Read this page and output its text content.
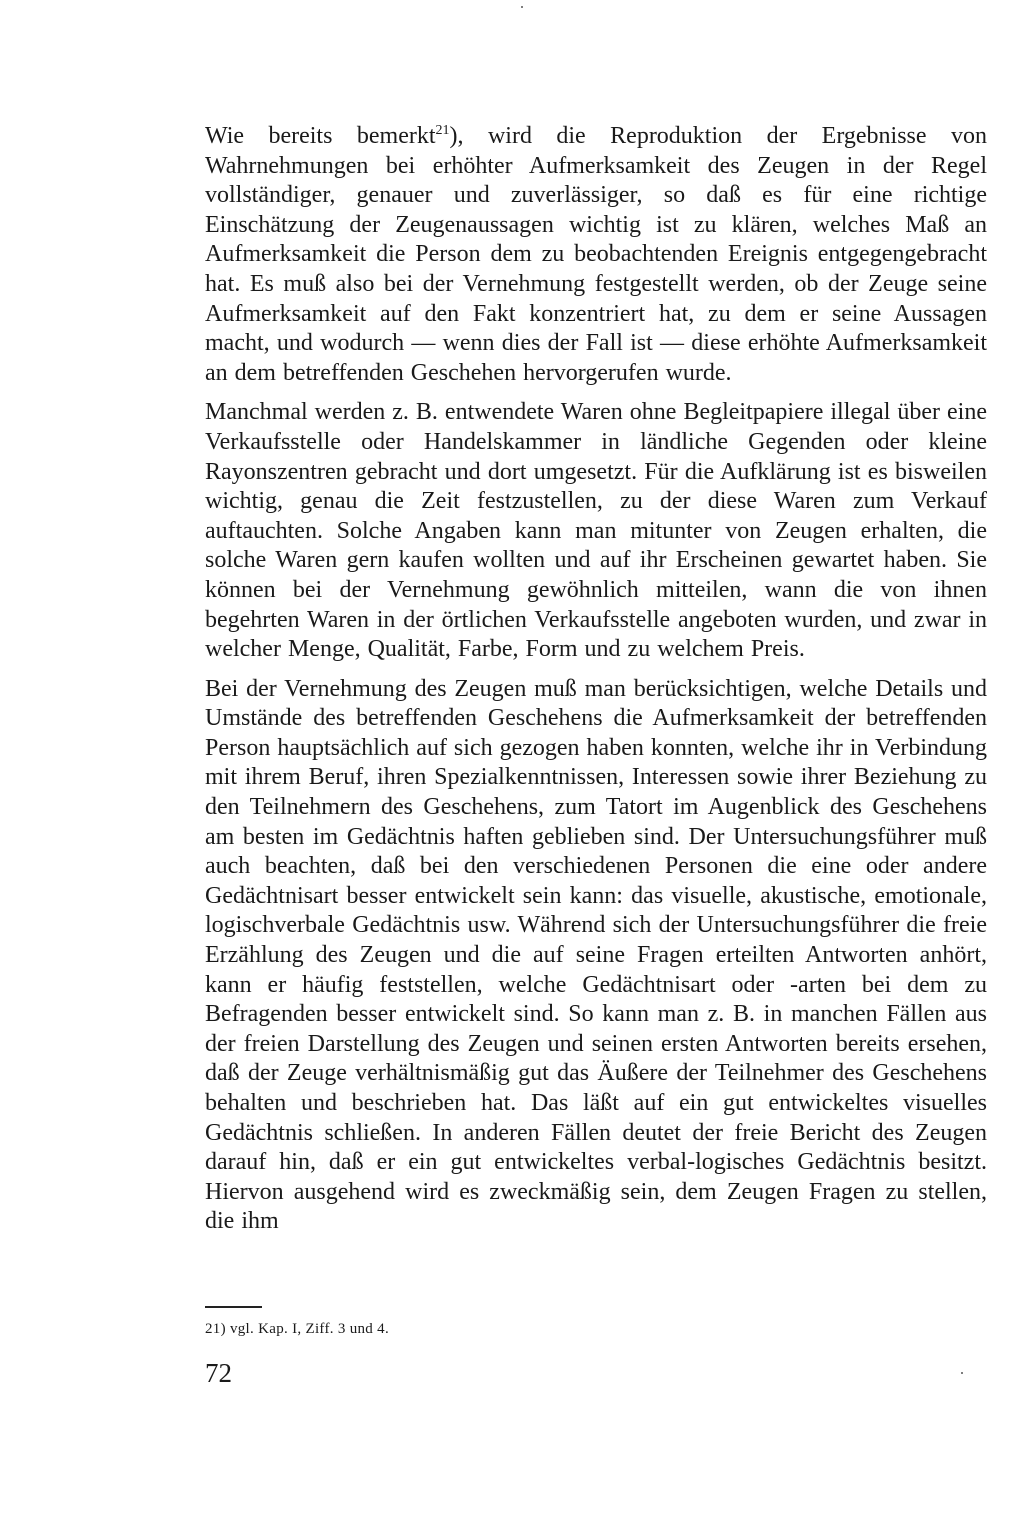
Wie bereits bemerkt$^{21}$), wird die Reproduktion der Ergebnisse von Wahrnehmungen bei erhöhter Aufmerksamkeit des Zeugen in der Regel vollständiger, genauer und zuverlässiger, so daß es für eine richtige Einschätzung der Zeugenaussagen wichtig ist zu klären, welches Maß an Aufmerksamkeit die Person dem zu beobachtenden Ereignis entgegengebracht hat. Es muß also bei der Vernehmung festgestellt werden, ob der Zeuge seine Aufmerksamkeit auf den Fakt konzentriert hat, zu dem er seine Aussagen macht, und wodurch — wenn dies der Fall ist — diese erhöhte Aufmerksamkeit an dem betreffenden Geschehen hervorgerufen wurde.

Manchmal werden z. B. entwendete Waren ohne Begleitpapiere illegal über eine Verkaufsstelle oder Handelskammer in ländliche Gegenden oder kleine Rayonszentren gebracht und dort umgesetzt. Für die Aufklärung ist es bisweilen wichtig, genau die Zeit festzustellen, zu der diese Waren zum Verkauf auftauchten. Solche Angaben kann man mitunter von Zeugen erhalten, die solche Waren gern kaufen wollten und auf ihr Erscheinen gewartet haben. Sie können bei der Vernehmung gewöhnlich mitteilen, wann die von ihnen begehrten Waren in der örtlichen Verkaufsstelle angeboten wurden, und zwar in welcher Menge, Qualität, Farbe, Form und zu welchem Preis.

Bei der Vernehmung des Zeugen muß man berücksichtigen, welche Details und Umstände des betreffenden Geschehens die Aufmerksamkeit der betreffenden Person hauptsächlich auf sich gezogen haben konnten, welche ihr in Verbindung mit ihrem Beruf, ihren Spezialkenntnissen, Interessen sowie ihrer Beziehung zu den Teilnehmern des Geschehens, zum Tatort im Augenblick des Geschehens am besten im Gedächtnis haften geblieben sind. Der Untersuchungsführer muß auch beachten, daß bei den verschiedenen Personen die eine oder andere Gedächtnisart besser entwickelt sein kann: das visuelle, akustische, emotionale, logischverbale Gedächtnis usw. Während sich der Untersuchungsführer die freie Erzählung des Zeugen und die auf seine Fragen erteilten Antworten anhört, kann er häufig feststellen, welche Gedächtnisart oder -arten bei dem zu Befragenden besser entwickelt sind. So kann man z. B. in manchen Fällen aus der freien Darstellung des Zeugen und seinen ersten Antworten bereits ersehen, daß der Zeuge verhältnismäßig gut das Äußere der Teilnehmer des Geschehens behalten und beschrieben hat. Das läßt auf ein gut entwickeltes visuelles Gedächtnis schließen. In anderen Fällen deutet der freie Bericht des Zeugen darauf hin, daß er ein gut entwickeltes verbal-logisches Gedächtnis besitzt. Hiervon ausgehend wird es zweckmäßig sein, dem Zeugen Fragen zu stellen, die ihm

21) vgl. Kap. I, Ziff. 3 und 4.
72
